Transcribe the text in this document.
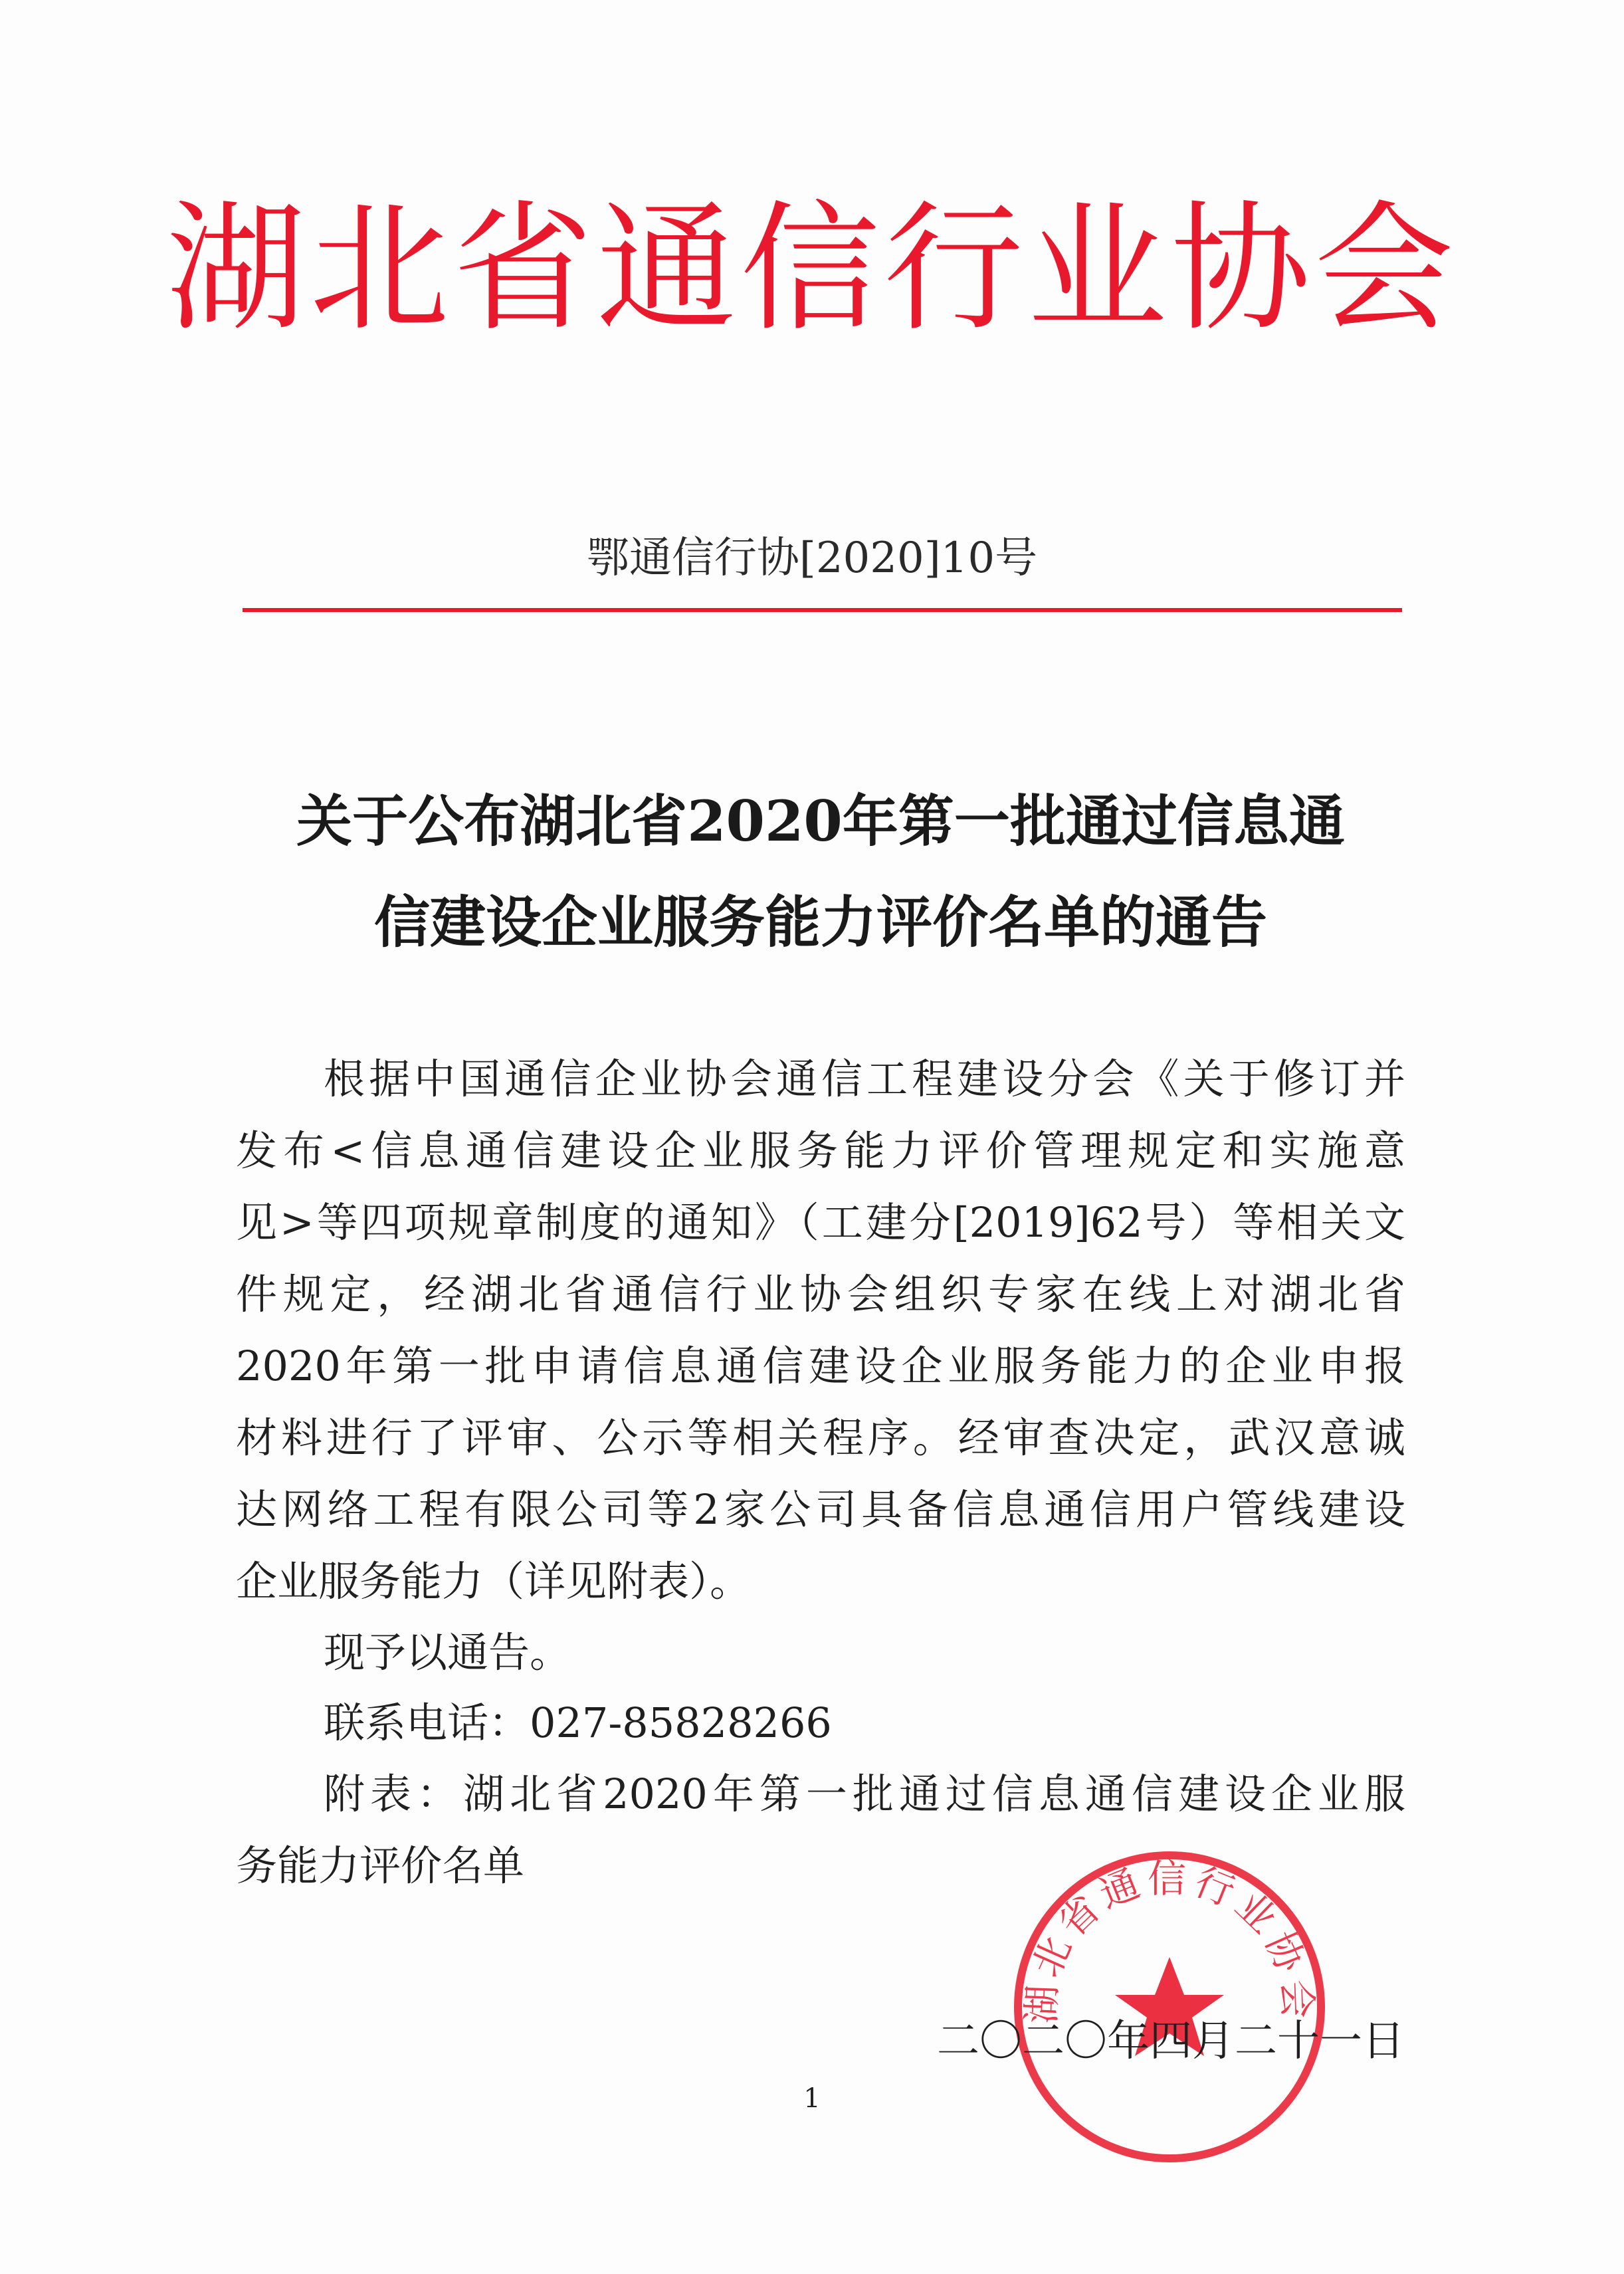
湖北省通信行业协会
鄂通信行协[2020]10号
关于公布湖北省2020年第一批通过信息通
信建设企业服务能力评价名单的通告
根据中国通信企业协会通信工程建设分会《关于修订并
发布<信息通信建设企业服务能力评价管理规定和实施意
见>等四项规章制度的通知》（工建分[2019]62号）等相关文
件规定，经湖北省通信行业协会组织专家在线上对湖北省
2020年第一批申请信息通信建设企业服务能力的企业申报
材料进行了评审、公示等相关程序。经审查决定，武汉意诚
达网络工程有限公司等2家公司具备信息通信用户管线建设
企业服务能力（详见附表）。
现予以通告。
联系电话：027-85828266
附表：湖北省2020年第一批通过信息通信建设企业服
务能力评价名单
湖北省通信行业协会
二〇二〇年四月二十一日
1
